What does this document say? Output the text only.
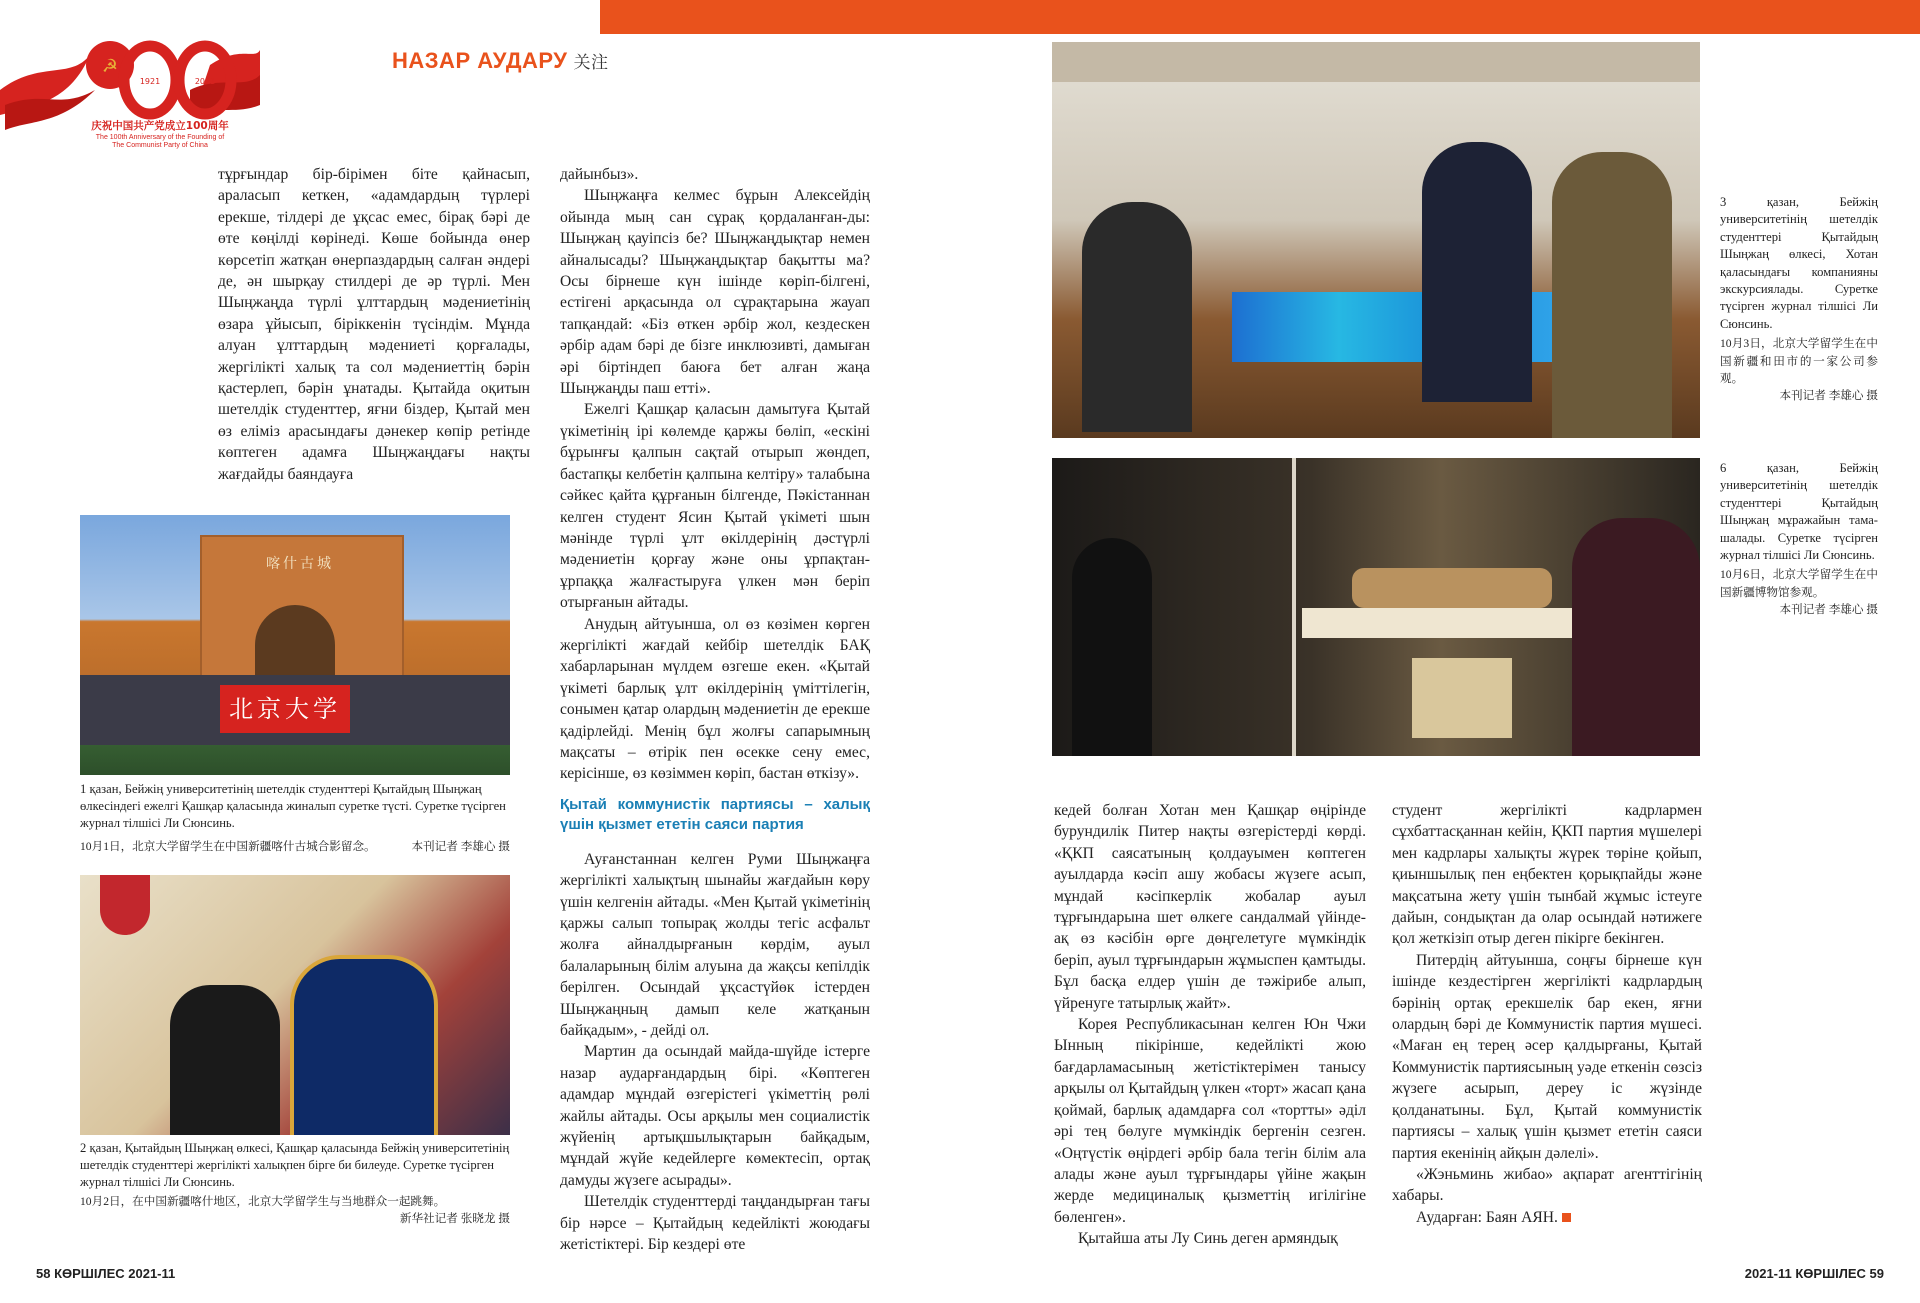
☭
1921	2021
庆祝中国共产党成立100周年
The 100th Anniversary of the Founding of
The Communist Party of China
НАЗАР АУДАРУ 关注

тұрғындар бір-бірімен біте қайнасып, араласып кеткен, «адамдардың түрлері ерекше, тілдері де ұқсас емес, бірақ бәрі де өте көңілді көрінеді. Көше бойында өнер көрсетіп жатқан өнерпаздардың салған әндері де, ән шырқау стилдері де әр түрлі. Мен Шыңжаңда түрлі ұлттардың мәдениетінің өзара ұйысып, біріккенін түсіндім. Мұнда алуан ұлттардың мәдениеті қорғалады, жергілікті халық та сол мәдениеттің бәрін қастерлеп, бәрін ұнатады. Қытайда оқитын шетелдік студенттер, яғни біздер, Қытай мен өз еліміз арасындағы дәнекер көпір ретінде көптеген адамға Шыңжаңдағы нақты жағдайды баяндауға

喀什古城
北京大学
1 қазан, Бейжің университетінің шетелдік студенттері Қытайдың Шыңжаң өлкесіндегі ежелгі Қашқар қаласында жиналып суретке түсті. Суретке түсірген журнал тілшісі Ли Сюнсинь.
10月1日，北京大学留学生在中国新疆喀什古城合影留念。	本刊记者 李雄心 摄
2 қазан, Қытайдың Шыңжаң өлкесі, Қашқар қаласында Бейжің университетінің шетелдік студенттері жергілікті халықпен бірге би билеуде. Суретке түсірген журнал тілшісі Ли Сюнсинь.
10月2日，在中国新疆喀什地区，北京大学留学生与当地群众一起跳舞。
新华社记者 张晓龙 摄

дайынбыз».

Шыңжаңға келмес бұрын Алексейдің ойында мың сан сұрақ қордаланған-ды: Шыңжаң қауіпсіз бе? Шыңжаңдықтар немен айналысады? Шыңжаңдықтар бақытты ма? Осы бірнеше күн ішінде көріп-білгені, естігені арқасында ол сұрақтарына жауап тапқандай: «Біз өткен әрбір жол, кездескен әрбір адам бәрі де бізге инклюзивті, дамыған әрі біртіндеп баюға бет алған жаңа Шыңжаңды паш етті».

Ежелгі Қашқар қаласын дамытуға Қытай үкіметінің ірі көлемде қаржы бөліп, «ескіні бұрынғы қалпын сақтай отырып жөндеп, бастапқы келбетін қалпына келтіру» талабына сәйкес қайта құрғанын білгенде, Пәкістаннан келген студент Ясин Қытай үкіметі шын мәнінде түрлі ұлт өкілдерінің дәстүрлі мәдениетін қорғау және оны ұрпақтан-ұрпаққа жалғастыруға үлкен мән беріп отырғанын айтады.

Анудың айтуынша, ол өз көзімен көрген жергілікті жағдай кейбір шетелдік БАҚ хабарларынан мүлдем өзгеше екен. «Қытай үкіметі барлық ұлт өкілдерінің үміттілегін, сонымен қатар олардың мәдениетін де ерекше қадірлейді. Менің бұл жолғы сапарымның мақсаты – өтірік пен өсекке сену емес, керісінше, өз көзіммен көріп, бастан өткізу».

Қытай коммунистік партиясы – халық үшін қызмет ететін саяси партия

Ауғанстаннан келген Руми Шыңжаңға жергілікті халықтың шынайы жағдайын көру үшін келгенін айтады. «Мен Қытай үкіметінің қаржы салып топырақ жолды тегіс асфальт жолға айналдырғанын көрдім, ауыл балаларының білім алуына да жақсы кепілдік берілген. Осындай ұқсастүйөк істерден Шыңжаңның дамып келе жатқанын байқадым», - дейді ол.

Мартин да осындай майда-шүйде істерге назар аударғандардың бірі. «Көптеген адамдар мұндай өзгерістегі үкіметтің рөлі жайлы айтады. Осы арқылы мен социалистік жүйенің артықшылықтарын байқадым, мұндай жүйе кедейлерге көмектесіп, ортақ дамуды жүзеге асырады».

Шетелдік студенттерді таңдандырған тағы бір нәрсе – Қытайдың кедейлікті жоюдағы жетістіктері. Бір кездері өте

3 қазан, Бейжің университетінің шетелдік студенттері Қытайдың Шыңжаң өлкесі, Хотан қаласындағы компанияны экскурсиялады. Суретке түсірген журнал тілшісі Ли Сюнсинь.
10月3日，北京大学留学生在中国新疆和田市的一家公司参观。
本刊记者 李雄心 摄
6 қазан, Бейжің университетінің шетелдік студенттері Қытайдың Шыңжаң мұражайын тамашалады. Суретке түсірген журнал тілшісі Ли Сюнсинь.
10月6日，北京大学留学生在中国新疆博物馆参观。
本刊记者 李雄心 摄

кедей болған Хотан мен Қашқар өңірінде бурундилік Питер нақты өзгерістерді көрді. «ҚКП саясатының қолдауымен көптеген ауылдарда кәсіп ашу жобасы жүзеге асып, мұндай кәсіпкерлік жобалар ауыл тұрғындарына шет өлкеге сандалмай үйінде-ақ өз кәсібін өрге дөңгелетуге мүмкіндік беріп, ауыл тұрғындарын жұмыспен қамтыды. Бұл басқа елдер үшін де тәжірибе алып, үйренуге татырлық жайт».

Корея Республикасынан келген Юн Чжи Ынның пікірінше, кедейлікті жою бағдарламасының жетістіктерімен танысу арқылы ол Қытайдың үлкен «торт» жасап қана қоймай, барлық адамдарға сол «тортты» әділ әрі тең бөлуге мүмкіндік бергенін сезген. «Оңтүстік өңірдегі әрбір бала тегін білім ала алады және ауыл тұрғындары үйіне жақын жерде медициналық қызметтің игілігіне бөленген».

Қытайша аты Лу Синь деген армяндық

студент жергілікті кадрлармен сұхбаттасқаннан кейін, ҚКП партия мүшелері мен кадрлары халықты жүрек төріне қойып, қиыншылық пен еңбектен қорықпайды және мақсатына жету үшін тынбай жұмыс істеуге дайын, сондықтан да олар осындай нәтижеге қол жеткізіп отыр деген пікірге бекінген.

Питердің айтуынша, соңғы бірнеше күн ішінде кездестірген жергілікті кадрлардың бәрінің ортақ ерекшелік бар екен, яғни олардың бәрі де Коммунистік партия мүшесі. «Маған ең терең әсер қалдырғаны, Қытай Коммунистік партиясының уәде еткенін сөзсіз жүзеге асырып, дереу іс жүзінде қолданатыны. Бұл, Қытай коммунистік партиясы – халық үшін қызмет ететін саяси партия екенінің айқын дәлелі».

«Жэньминь жибао» ақпарат агенттігінің хабары.

Аударған: Баян АЯН.

58 КӨРШІЛЕС 2021-11	2021-11 КӨРШІЛЕС 59
